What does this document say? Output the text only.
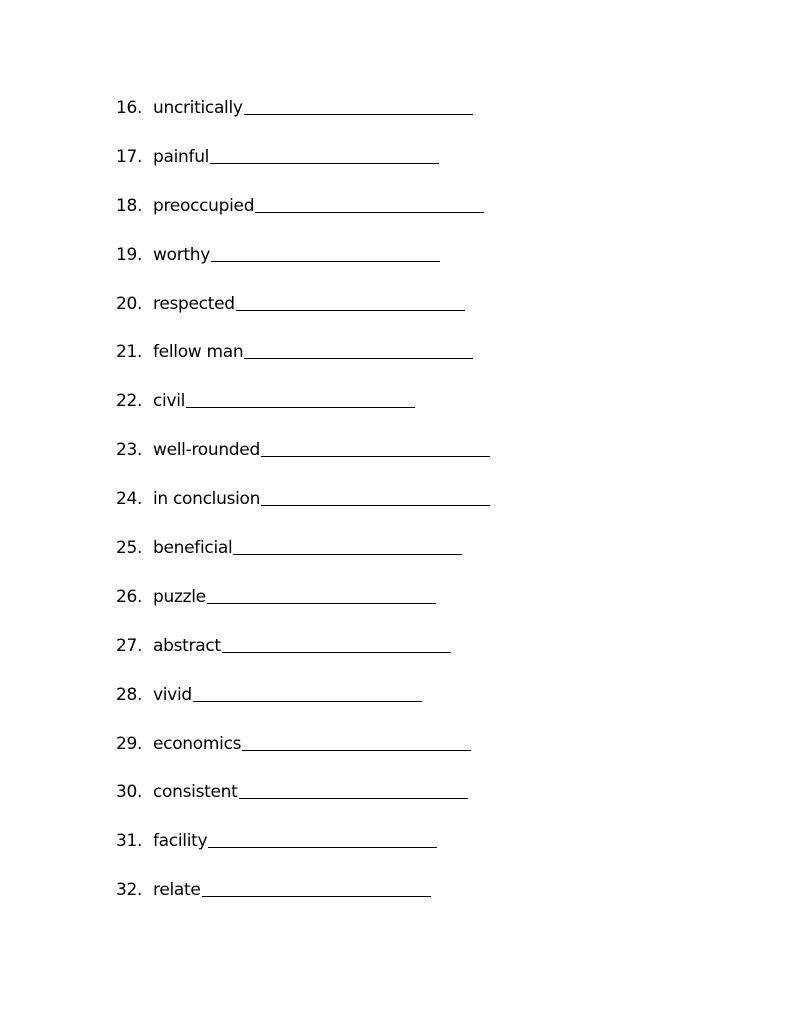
16. uncritically
17. painful
18. preoccupied
19. worthy
20. respected
21. fellow man
22. civil
23. well-rounded
24. in conclusion
25. beneficial
26. puzzle
27. abstract
28. vivid
29. economics
30. consistent
31. facility
32. relate
